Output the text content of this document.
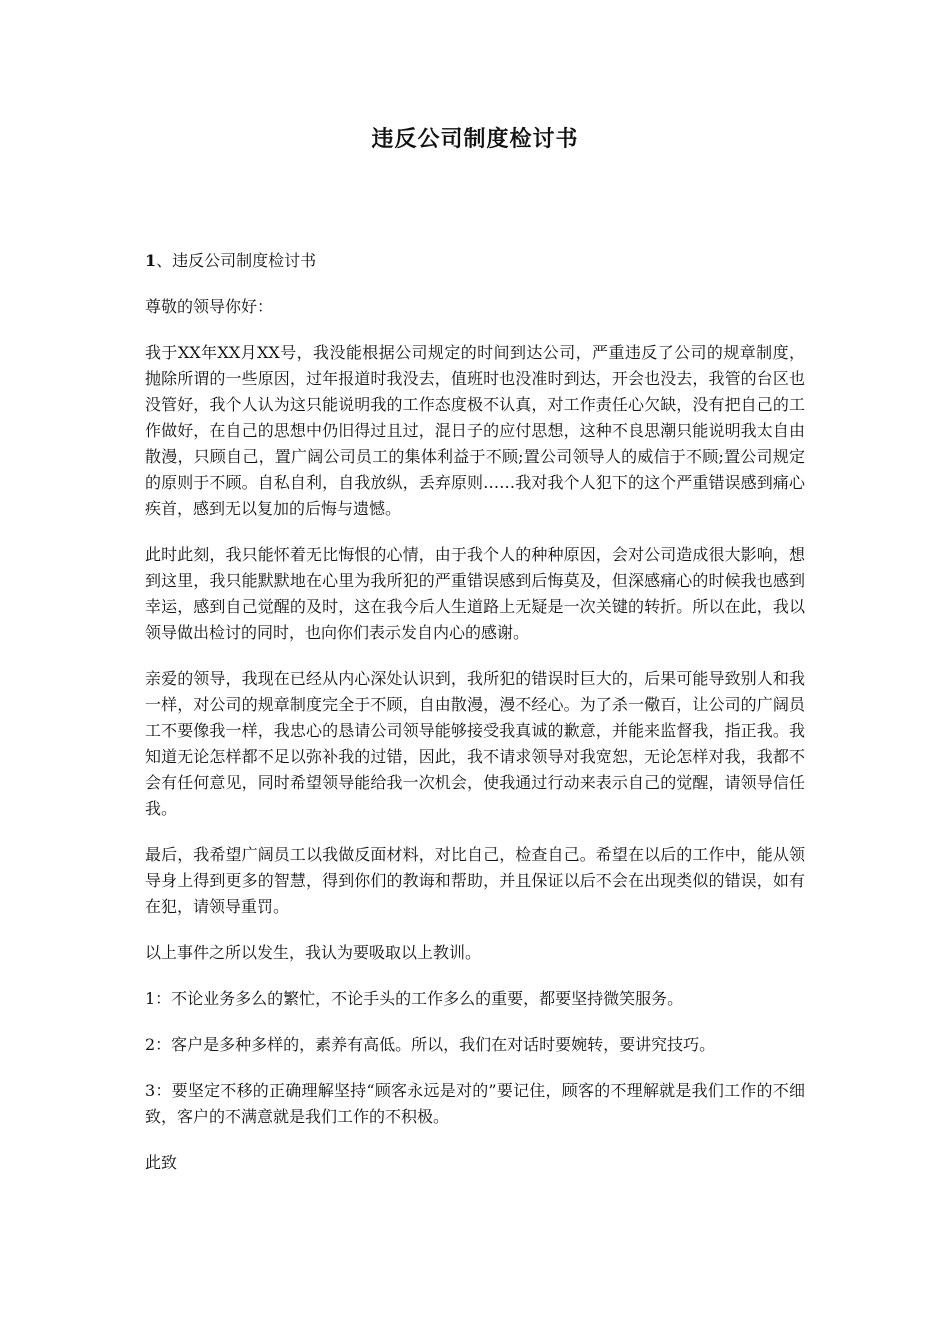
违反公司制度检讨书
1、违反公司制度检讨书

尊敬的领导你好：

我于XX年XX月XX号，我没能根据公司规定的时间到达公司，严重违反了公司的规章制度，抛除所谓的一些原因，过年报道时我没去，值班时也没准时到达，开会也没去，我管的台区也没管好，我个人认为这只能说明我的工作态度极不认真，对工作责任心欠缺，没有把自己的工作做好，在自己的思想中仍旧得过且过，混日子的应付思想，这种不良思潮只能说明我太自由散漫，只顾自己，置广阔公司员工的集体利益于不顾;置公司领导人的威信于不顾;置公司规定的原则于不顾。自私自利，自我放纵，丢弃原则……我对我个人犯下的这个严重错误感到痛心疾首，感到无以复加的后悔与遗憾。

此时此刻，我只能怀着无比悔恨的心情，由于我个人的种种原因，会对公司造成很大影响，想到这里，我只能默默地在心里为我所犯的严重错误感到后悔莫及，但深感痛心的时候我也感到幸运，感到自己觉醒的及时，这在我今后人生道路上无疑是一次关键的转折。所以在此，我以领导做出检讨的同时，也向你们表示发自内心的感谢。

亲爱的领导，我现在已经从内心深处认识到，我所犯的错误时巨大的，后果可能导致别人和我一样，对公司的规章制度完全于不顾，自由散漫，漫不经心。为了杀一儆百，让公司的广阔员工不要像我一样，我忠心的恳请公司领导能够接受我真诚的歉意，并能来监督我，指正我。我知道无论怎样都不足以弥补我的过错，因此，我不请求领导对我宽恕，无论怎样对我，我都不会有任何意见，同时希望领导能给我一次机会，使我通过行动来表示自己的觉醒，请领导信任我。

最后，我希望广阔员工以我做反面材料，对比自己，检查自己。希望在以后的工作中，能从领导身上得到更多的智慧，得到你们的教诲和帮助，并且保证以后不会在出现类似的错误，如有在犯，请领导重罚。

以上事件之所以发生，我认为要吸取以上教训。

1：不论业务多么的繁忙，不论手头的工作多么的重要，都要坚持微笑服务。

2：客户是多种多样的，素养有高低。所以，我们在对话时要婉转，要讲究技巧。

3：要坚定不移的正确理解坚持“顾客永远是对的”要记住，顾客的不理解就是我们工作的不细致，客户的不满意就是我们工作的不积极。

此致
